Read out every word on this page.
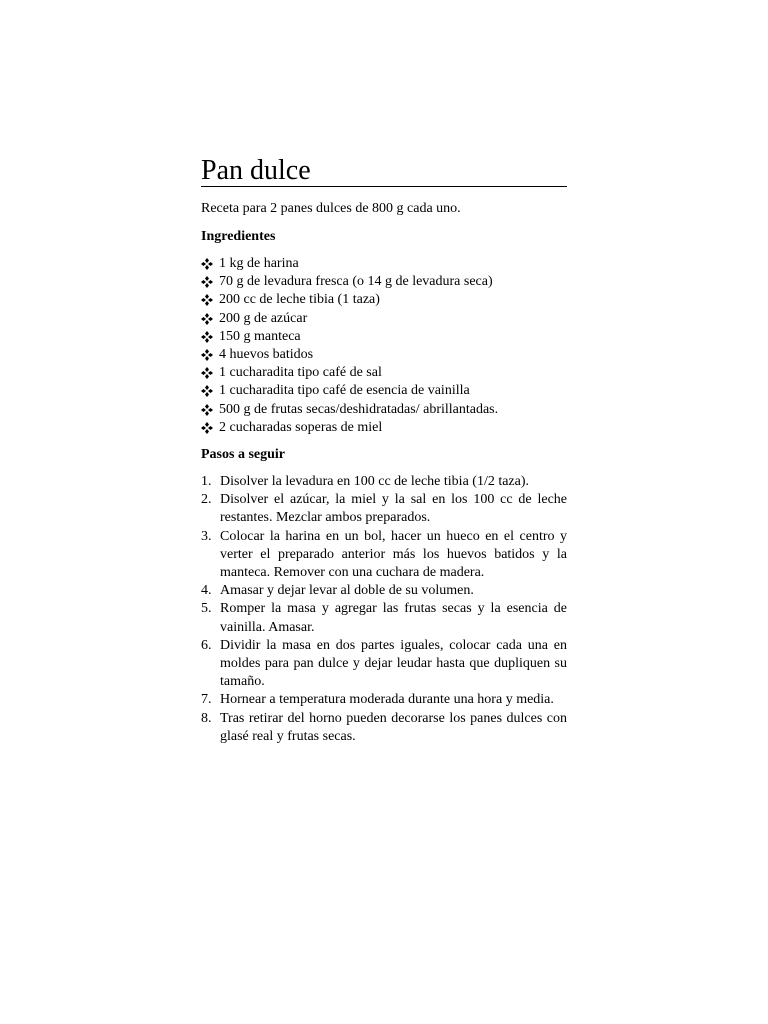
Pan dulce
Receta para 2 panes dulces de 800 g cada uno.
Ingredientes
1 kg de harina
70 g de levadura fresca (o 14 g de levadura seca)
200 cc de leche tibia (1 taza)
200 g de azúcar
150 g manteca
4 huevos batidos
1 cucharadita tipo café de sal
1 cucharadita tipo café de esencia de vainilla
500 g de frutas secas/deshidratadas/ abrillantadas.
2 cucharadas soperas de miel
Pasos a seguir
1. Disolver la levadura en 100 cc de leche tibia (1/2 taza).
2. Disolver el azúcar, la miel y la sal en los 100 cc de leche restantes. Mezclar ambos preparados.
3. Colocar la harina en un bol, hacer un hueco en el centro y verter el preparado anterior más los huevos batidos y la manteca. Remover con una cuchara de madera.
4. Amasar y dejar levar al doble de su volumen.
5. Romper la masa y agregar las frutas secas y la esencia de vainilla. Amasar.
6. Dividir la masa en dos partes iguales, colocar cada una en moldes para pan dulce y dejar leudar hasta que dupliquen su tamaño.
7. Hornear a temperatura moderada durante una hora y media.
8. Tras retirar del horno pueden decorarse los panes dulces con glasé real y frutas secas.
